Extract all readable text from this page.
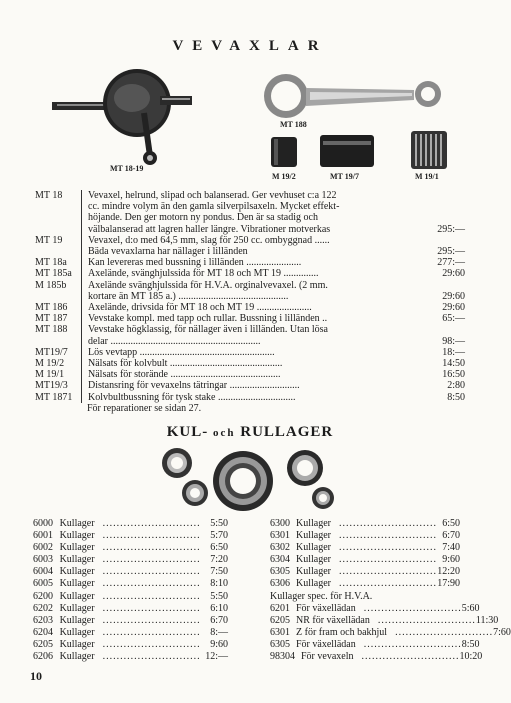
VEVAXLAR
MT 18-19
MT 188
M 19/2	MT 19/7	M 19/1
MT 18	Vevaxel, helrund, slipad och balanserad. Ger vevhuset c:a 122
cc. mindre volym än den gamla silverpilsaxeln. Mycket effekt-
höjande. Den ger motorn ny pondus. Den är sa stadig och
välbalanserad att lagren haller längre. Vibrationer motverkas	295:—
MT 19	Vevaxel, d:o med 64,5 mm, slag för 250 cc. ombyggnad ......
Bäda vevaxlarna har nällager i lilländen	295:—
MT 18a	Kan levereras med bussning i lilländen ......................	277:—
MT 185a	Axelände, svänghjulssida för MT 18 och MT 19 ..............	29:60
M 185b	Axelände svänghjulssida för H.V.A. orginalvevaxel. (2 mm.
kortare än MT 185 a.) ............................................	29:60
MT 186	Axelände, drivsida för MT 18 och MT 19 ......................	29:60
MT 187	Vevstake kompl. med tapp och rullar. Bussning i lilländen ..	65:—
MT 188	Vevstake högklassig, för nällager även i lilländen. Utan lösa
delar ............................................................	98:—
MT19/7	Lös vevtapp ......................................................	18:—
M 19/2	Nälsats för kolvbult .............................................	14:50
M 19/1	Nälsats för storände ............................................	16:50
MT19/3	Distansring för vevaxelns tätringar ............................	2:80
MT 1871	Kolvbultbussning för tysk stake ...............................	8:50
För reparationer se sidan 27.
KUL- och RULLAGER
6000 Kullager ............................ 5:50
6001 Kullager ............................ 5:70
6002 Kullager ............................ 6:50
6003 Kullager ............................ 7:20
6004 Kullager ............................ 7:50
6005 Kullager ............................ 8:10
6200 Kullager ............................ 5:50
6202 Kullager ............................ 6:10
6203 Kullager ............................ 6:70
6204 Kullager ............................ 8:—
6205 Kullager ............................ 9:60
6206 Kullager ............................ 12:—
6300 Kullager ............................ 6:50
6301 Kullager ............................ 6:70
6302 Kullager ............................ 7:40
6304 Kullager ............................ 9:60
6305 Kullager ............................ 12:20
6306 Kullager ............................ 17:90
Kullager spec. för H.V.A.
6201 För växellädan ............................ 5:60
6205 NR för växellädan ............................ 11:30
6301 Z för fram och bakhjul ............................ 7:60
6305 För växellädan ............................ 8:50
98304 För vevaxeln ............................ 10:20
10
